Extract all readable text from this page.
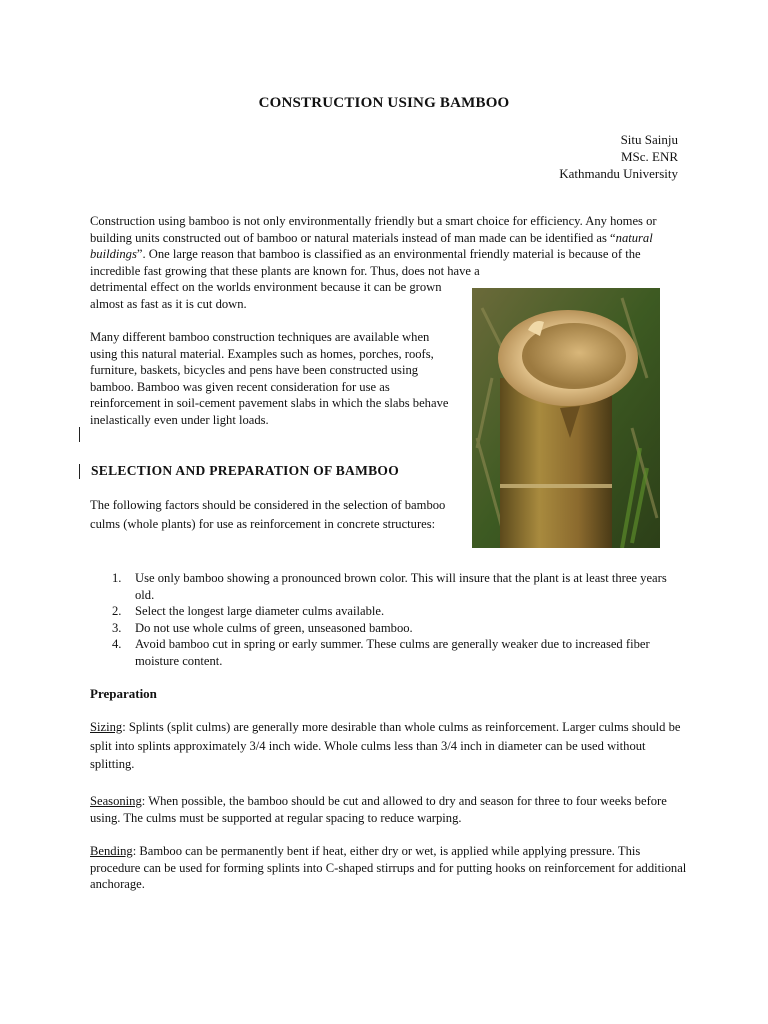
CONSTRUCTION USING BAMBOO
Situ Sainju
MSc. ENR
Kathmandu University
Construction using bamboo is not only environmentally friendly but a smart choice for efficiency. Any homes or building units constructed out of bamboo or natural materials instead of man made can be identified as “natural buildings”. One large reason that bamboo is classified as an environmental friendly material is because of the incredible fast growing that these plants are known for. Thus, does not have a
detrimental effect on the worlds environment because it can be grown almost as fast as it is cut down.
Many different bamboo construction techniques are available when using this natural material. Examples such as homes, porches, roofs, furniture, baskets, bicycles and pens have been constructed using bamboo. Bamboo was given recent consideration for use as reinforcement in soil-cement pavement slabs in which the slabs behave inelastically even under light loads.
SELECTION AND PREPARATION OF BAMBOO
The following factors should be considered in the selection of bamboo culms (whole plants) for use as reinforcement in concrete structures:
1. Use only bamboo showing a pronounced brown color. This will insure that the plant is at least three years old.
2. Select the longest large diameter culms available.
3. Do not use whole culms of green, unseasoned bamboo.
4. Avoid bamboo cut in spring or early summer. These culms are generally weaker due to increased fiber moisture content.
Preparation
Sizing: Splints (split culms) are generally more desirable than whole culms as reinforcement. Larger culms should be split into splints approximately 3/4 inch wide. Whole culms less than 3/4 inch in diameter can be used without splitting.
Seasoning: When possible, the bamboo should be cut and allowed to dry and season for three to four weeks before using. The culms must be supported at regular spacing to reduce warping.
Bending: Bamboo can be permanently bent if heat, either dry or wet, is applied while applying pressure. This procedure can be used for forming splints into C-shaped stirrups and for putting hooks on reinforcement for additional anchorage.
